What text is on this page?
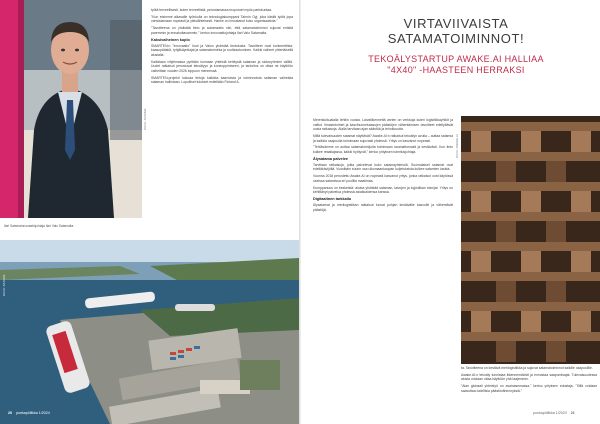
KUVA: SATAMA

työtä terveellisesti, kuten terveellistä, perustamassa mopotuet myös pariskuntaa.

"Kun etsimme alkavalle työnkulla on teknologiakumppani Tahnin Oyj, joka käsitti työtä jopa vahvistamaan nopeasti ja yleislähteisesti. Hanke on innostanut koko organisaatiota."

"Tavoitteena on yhdistää tieto ja automaatio niin, että satamatoiminnot sujuvat entistä paremmin ja ennakoitavammin," kertoo innovaatiojohtaja Ilari Valo Satamalta.

Kaksivaiheinen kuplo

SMARTEN:n "innovaatio" liuot ja Valon yhdistää tiedotusta. Tavoitteet ovat konkreettisia: kaasupäästöt, tyhjäkäyntiajat ja satamatoiminta ja ruuhkautuminen. Kaikki vaiheet yhtenäisellä alustalla.

Kaikkiaan vihjelmassa pyritään luomaan yhteistä kehitystä sataman ja sidosryhmien välillä. Uudet ratkaisut perustuvat tekoälyyn ja koneoppimiseen, ja tarkoitus on ottaa ne käyttöön vaiheittain vuoden 2026 loppuun mennessä.

SMARTEN-projekti kokoaa tietoja kaikista kaavioista ja toiminnoista sataman vaiheista sataman hallintaan. Lopulliset tulokset esitellään Finland A.

Ilari Satamainnovaatiojohtaja Ilari Valo Satamalta.
KUVA: SATAMA
20 punkapöllikka 1/2024
VIRTAVIIVAISTA
SATAMATOIMINNOT!
TEKOÄLYSTARTUP AWAKE.AI HALLIAA
"4X40" -HAASTEEN HERRAKSI

Merenkulkualalla tehtiin vuosia. Laivaliikennettä varten on verkkoja kuten logistiikkayhtiöt ja valtiot. Ilmastotoimet ja kasvihuonekaasujen päästöjen vähentämisen tavoitteet edellyttävät uusia ratkaisuja. Alalla tarvitaan ajan säästöä ja tehokkuutta.

Miltä tulevaisuuden satamat näyttävät? Awake.AI:n ratkaisut tekoälyn avulla – auttaa satamia ja kaikkia osapuolia toimimaan sujuvasti yhdessä. Yritys on kasvanut nopeasti.

"Tehtävämme on auttaa satamatoimijoita toimimaan saumattomasti ja kestävästi. Kun tieto kulkee reaaliajassa, kaikki hyötyvät," kertoo yrityksen toimitusjohtaja.

Älysatama palvelee

Tarvitaan ratkaisuja, jotka palvelevat koko satamayhteisöä. Suomalaiset satamat ovat edelläkävijöitä. Vuosittain suurin osa ulkomaankaupan kuljetuksista kulkee satamien kautta.

Vuonna 2018 perustettu Awake.AI on nopeasti kasvanut yritys, jonka ratkaisut ovat käytössä useissa satamissa eri puolilla maailmaa.

Kumppanuus on keskeistä: alusta yhdistää sataman, laivojen ja logistiikan toimijat. Yritys on kehittänyt palvelua yhdessä asiakkaidensa kanssa.

Digitaalinen tarkkailu

Älysatamat ja merilogistiikan ratkaisut luovat pohjan kestävälle kasvulle ja vähentävät päästöjä.

ta. Tavoitteena on kestävä merilogistiikka ja sujuvat satamatoiminnot kaikille osapuolille.

Awake.AI:n tekoäly tunnistaa liikennemäärät ja ennustaa saapumisajat. Tulevaisuudessa alusta voidaan ottaa käyttöön yhä laajemmin.

"Alan globaali yhteistyö on avainasemassa," kertoo yrityksen edustaja. "Sillä voidaan saavuttaa todellisia päästövähennyksiä."

punkapöllikka 1/2024 21
KUVA: AWAKE.AI
